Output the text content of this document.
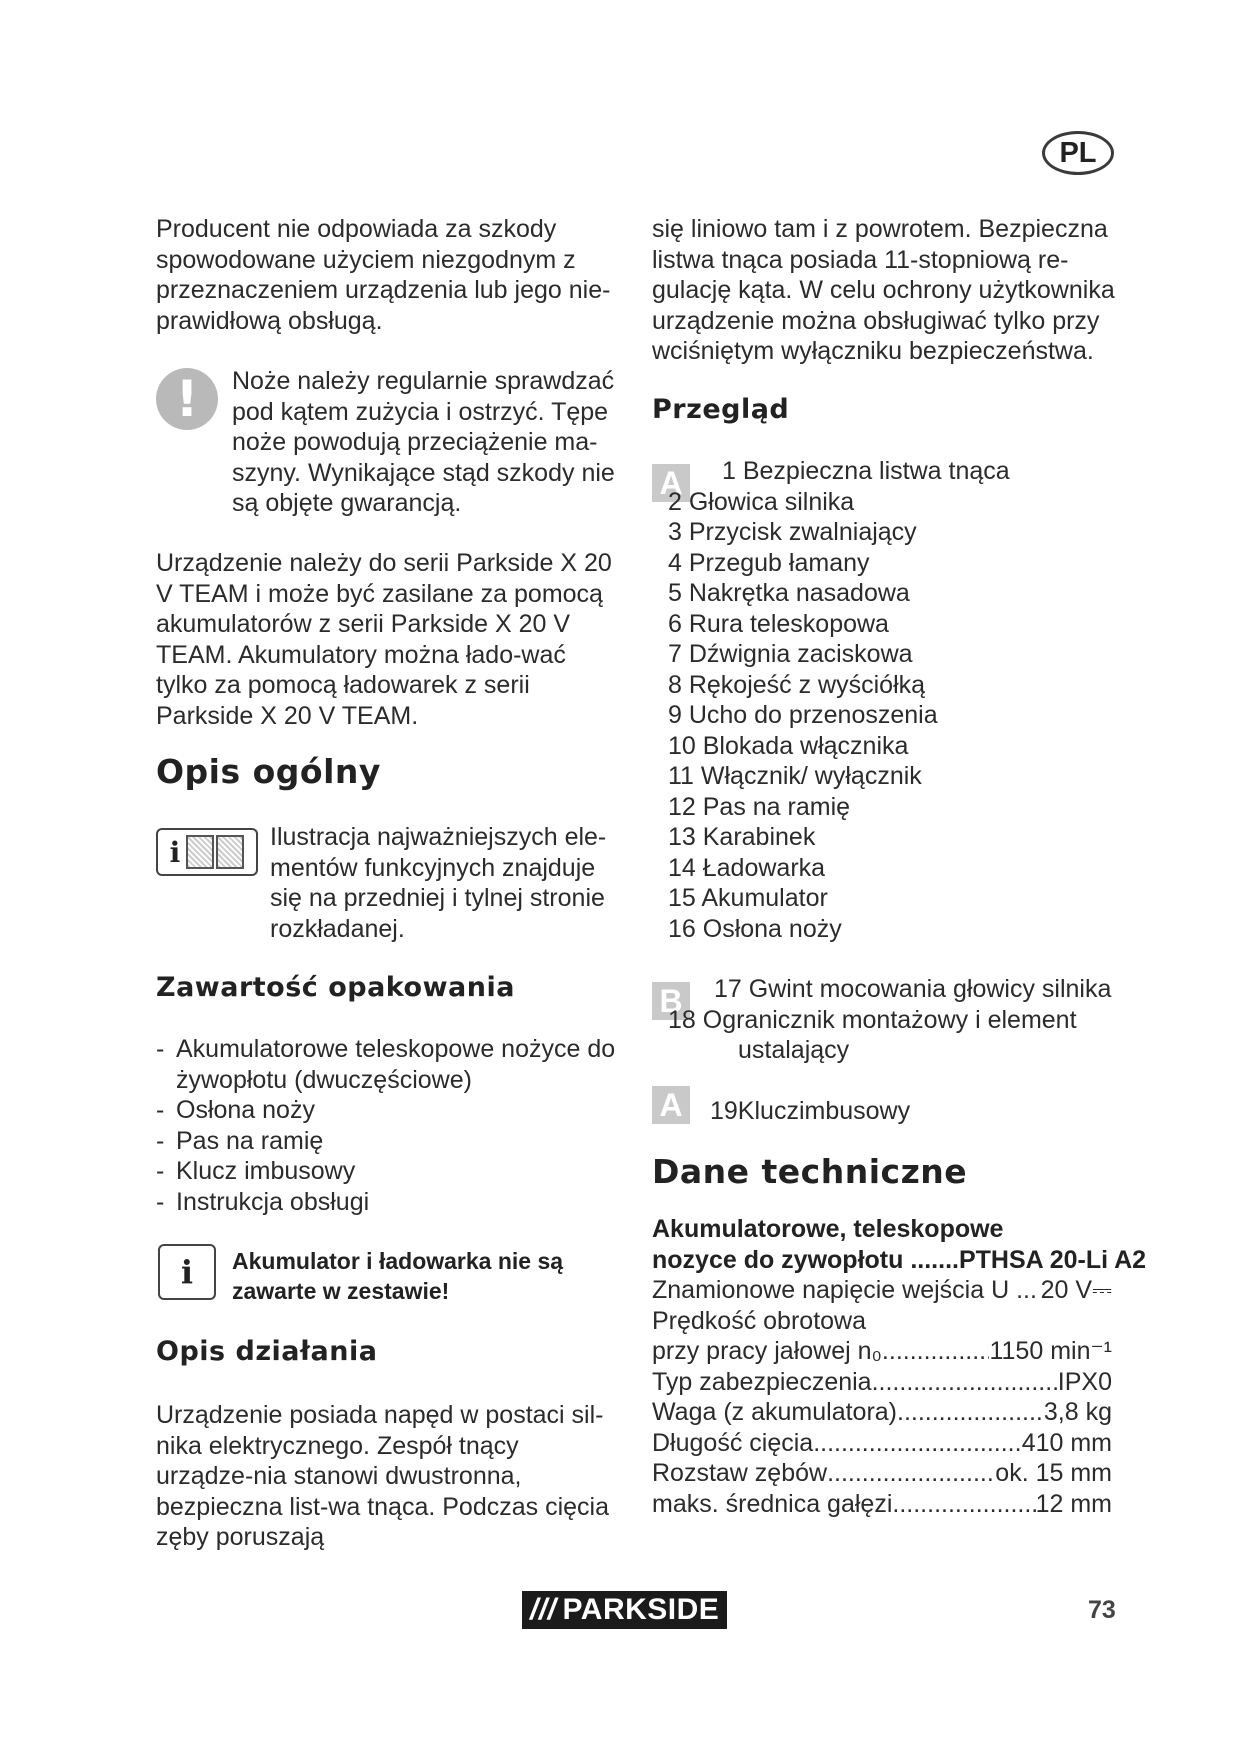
PL

Producent nie odpowiada za szkody spowodowane użyciem niezgodnym z przeznaczeniem urządzenia lub jego nie-prawidłową obsługą.

!	Noże należy regularnie sprawdzać pod kątem zużycia i ostrzyć. Tępe noże powodują przeciążenie ma-szyny. Wynikające stąd szkody nie są objęte gwarancją.

Urządzenie należy do serii Parkside X 20 V TEAM i może być zasilane za pomocą akumulatorów z serii Parkside X 20 V TEAM. Akumulatory można łado-wać tylko za pomocą ładowarek z serii Parkside X 20 V TEAM.

Opis ogólny
i	Ilustracja najważniejszych ele-mentów funkcyjnych znajduje się na przedniej i tylnej stronie rozkładanej.

Zawartość opakowania
- Akumulatorowe teleskopowe nożyce do żywopłotu (dwuczęściowe)
- Osłona noży
- Pas na ramię
- Klucz imbusowy
- Instrukcja obsługi
i	Akumulator i ładowarka nie są zawarte w zestawie!
Opis działania

Urządzenie posiada napęd w postaci sil-nika elektrycznego. Zespół tnący urządze-nia stanowi dwustronna, bezpieczna list-wa tnąca. Podczas cięcia zęby poruszają

się liniowo tam i z powrotem. Bezpieczna listwa tnąca posiada 11-stopniową re-gulację kąta. W celu ochrony użytkownika urządzenie można obsługiwać tylko przy wciśniętym wyłączniku bezpieczeństwa.

Przegląd
A	1 Bezpieczna listwa tnąca
2 Głowica silnika
3 Przycisk zwalniający
4 Przegub łamany
5 Nakrętka nasadowa
6 Rura teleskopowa
7 Dźwignia zaciskowa
8 Rękojeść z wyściółką
9 Ucho do przenoszenia
10 Blokada włącznika
11 Włącznik/ wyłącznik
12 Pas na ramię
13 Karabinek
14 Ładowarka
15 Akumulator
16 Osłona noży
B	17 Gwint mocowania głowicy silnika
18 Ogranicznik montażowy i element
ustalający
A 19Kluczimbusowy
Dane techniczne
Akumulatorowe, teleskopowe
nozyce do zywopłotu .......PTHSA 20-Li A2
Znamionowe napięcie wejścia U ... 20 V⎓
Prędkość obrotowa
przy pracy jałowej n₀ .....	1150 min⁻¹
Typ zabezpieczenia .....	IPX0
Waga (z akumulatora) .....	3,8 kg
Długość cięcia .....	410 mm
Rozstaw zębów .....	ok. 15 mm
maks. średnica gałęzi .....	12 mm
/// PARKSIDE	73
